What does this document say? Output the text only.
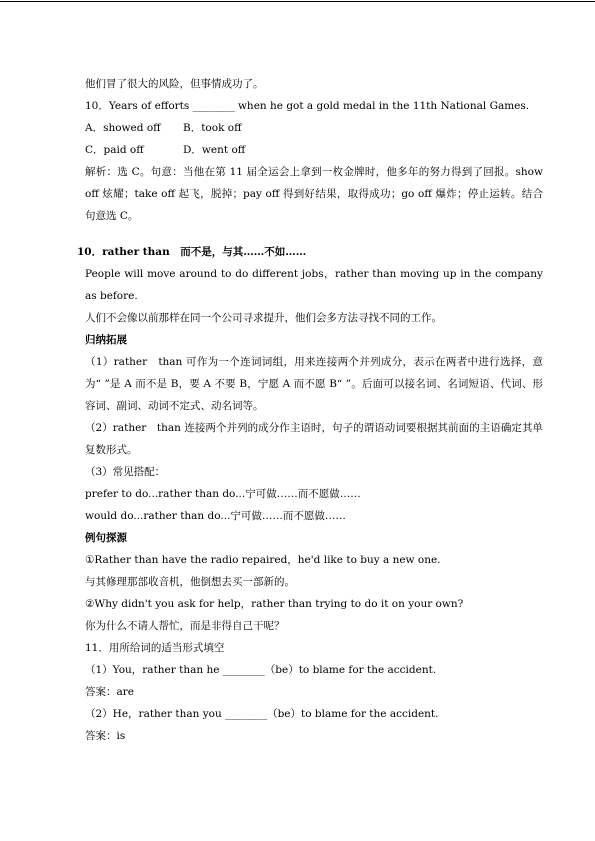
他们冒了很大的风险，但事情成功了。
10．Years of efforts ________ when he got a gold medal in the 11th National Games.
A．showed off B．took off
C．paid off	D．went off
解析：选 C。句意：当他在第 11 届全运会上拿到一枚金牌时，他多年的努力得到了回报。show off 炫耀；take off 起飞，脱掉；pay off 得到好结果，取得成功；go off 爆炸；停止运转。结合句意选 C。
10．rather than　而不是，与其……不如……
People will move around to do different jobs，rather than moving up in the company as before.
人们不会像以前那样在同一个公司寻求提升，他们会多方法寻找不同的工作。
归纳拓展
（1）rather　than 可作为一个连词词组，用来连接两个并列成分，表示在两者中进行选择，意为“ ”是 A 而不是 B，要 A 不要 B，宁愿 A 而不愿 B“ ”。后面可以接名词、名词短语、代词、形容词、副词、动词不定式、动名词等。
（2）rather　than 连接两个并列的成分作主语时，句子的谓语动词要根据其前面的主语确定其单复数形式。
（3）常见搭配：
prefer to do...rather than do...宁可做……而不愿做……
would do...rather than do...宁可做……而不愿做……
例句探源
①Rather than have the radio repaired，he'd like to buy a new one.
与其修理那部收音机，他倒想去买一部新的。
②Why didn't you ask for help，rather than trying to do it on your own?
你为什么不请人帮忙，而是非得自己干呢？
11．用所给词的适当形式填空
（1）You，rather than he ________（be）to blame for the accident.
答案：are
（2）He，rather than you ________（be）to blame for the accident.
答案：is
